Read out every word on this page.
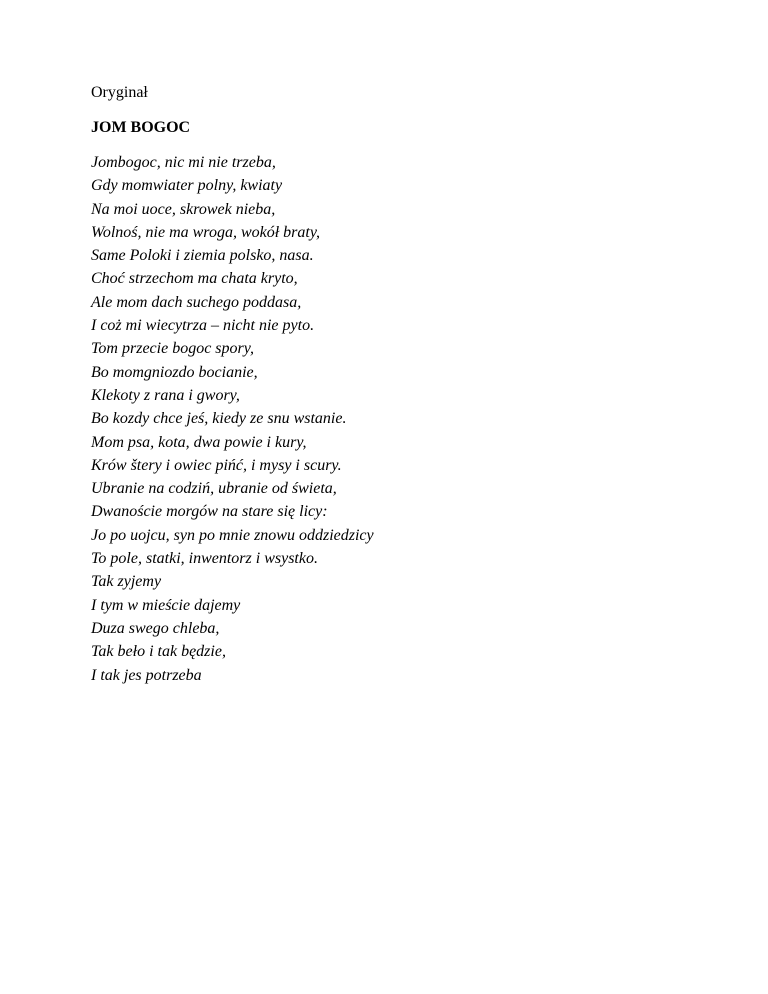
Oryginał

JOM BOGOC

Jombogoc, nic mi nie trzeba,
Gdy momwiater polny, kwiaty
Na moi uoce, skrowek nieba,
Wolnoś, nie ma wroga, wokół braty,
Same Poloki i ziemia polsko, nasa.
Choć strzechom ma chata kryto,
Ale mom dach suchego poddasa,
I coż mi wiecytrza – nicht nie pyto.
Tom przecie bogoc spory,
Bo momgniozdo bocianie,
Klekoty z rana i gwory,
Bo kozdy chce jeś, kiedy ze snu wstanie.
Mom psa, kota, dwa powie i kury,
Krów štery i owiec pińć, i mysy i scury.
Ubranie na codziń, ubranie od świeta,
Dwanoście morgów na stare się licy:
Jo po uojcu, syn po mnie znowu oddziedzicy
To pole, statki, inwentorz i wsystko.
Tak zyjemy
I tym w mieście dajemy
Duza swego chleba,
Tak beło i tak będzie,
I tak jes potrzeba
